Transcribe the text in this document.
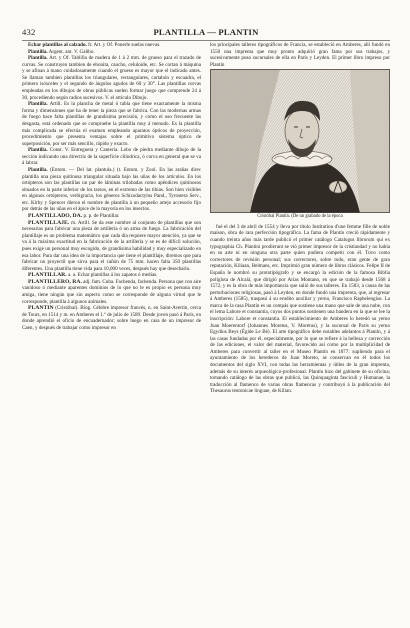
432	PLANTILLA — PLANTIN

Echar plantillas al calzado. fr. Art. y Of. Ponerle suelas nuevas.

Plantilla. Argent. ant. V. Galibo.

Plantilla. Art. y Of. Tablilla de madera de 1 á 2 mm. de grueso para el trazado de curvas. Se construyen tambien de ebonita, caucho, celuloide, etc. Se cortan á máquina y se afinan á mano cuidadosamente cuando el grueso es mayor que el indicado antes. Se llaman tambien plantillas los triangulares, rectangulares, cartabón y escuadra, el primero isósceles y el segundo de ángulos agudos de 60 y 30°. Las plantillas curvas empleadas en los dibujos de obras públicas suelen formar juego que comprende 24 á 30, procediendo según radios sucesivos. V. el artículo Dibujo.

Plantilla. Artill. Es la plancha de metal ó tabla que tiene exactamente la misma forma y dimensiones que ha de tener la pieza que se fabrica. Con las modernas armas de fuego hace falta plantillas de grandísima precisión, y como el uso frecuente las desgasta, está ordenado que se compruebe la plantilla muy á menudo. Es la plantilla más complicada se efectúa el examen empleando aparatos ópticos de proyección, procedimiento que presenta ventajas sobre el primitivo sistema óptico de superposición, por ser más sencillo, rápido y exacto.

Plantilla. Const. V. Entreguera y Cantería. Lobo de piedra mediante dibujo de la sección indicando una directriz de la superficie cilíndrica, ó curva en general que se va á labrar.

Plantilla. (Entom. — Del lat. plantula.) (t. Entom. y Zool. En las arañas direc plantilla una pieza quitinosa triangular situada bajo las uñas de los artículos. En los ortópteros son las plantillas un par de láminas trilobadas como apéndices quitinosos situados en la parte inferior de los tarsos, en el extremo de las tibias. Son bien visibles en algunos ortópteros, verbigracia, los géneros Schizodactylus Pand., Tyrostera Serv., etc. Kirby y Spencer dieron el nombre de plantilla á un pequeño artejo accesorio fijo por detrás de las uñas en el ápice de la mayoría en los insectos.

PLANTILLADO, DA. p. p. de Plantillar.

PLANTILLAJE. m. Artill. Se da este nombre al conjunto de plantillas que son necesarias para fabricar una pieza de artillería ó un arma de fuego. La fabricación del plantillaje es un problema matemático que cada día requiere mayor atención, ya que se va á la máxima exactitud en la fabricación de la artillería y se es de difícil solución, pues exige un personal muy escogido, de grandísima habilidad y muy especializado en esa labor. Para dar una idea de la importancia que tiene el plantillaje, diremos que para fabricar un proyectil que sirva para el cañón de 75 mm. hacen falta 350 plantillas diferentes. Una plantilla tiene vida para 10,000 veces, después hay que desecharla.

PLANTILLAR. a. a. Echar plantillas á los zapatos ó medias.

PLANTILLERO, RA. adj. fam. Cuba. Fachenda, fachenda. Persona que con aire vanidoso ó mediante aparentes dominios de lo que no le es propio es persona muy amiga, tiene ningún que sin aspecto como se corresponde de alguna virtud que le corresponde, plantilla á algunos animales.

PLANTIN (Cristóbal). Biog. Célebre impresor francés, n. en Saint-Avertin, cerca de Tours, en 1514 y m. en Amberes el 1.º de julio de 1589. Desde joven pasó á París, en donde aprendió el oficio de encuadernador; sobre luego en casa de un impresor de Caen, y después de trabajar como impresor en

los principales talleres tipográficos de Francia, se estableció en Amberes, allí fundó en 1550 una imprenta que muy pronto adquirió gran fama por sus trabajos, y sucesivamente puso sucursales de ella en París y Leyden. El primer libro impreso por Plantín

Cristóbal Plantín. (De un grabado de la época

fué el del 3 de abril de 1554 y lleva por título Institution d'une femme fille de noble maison, obra de rara perfección tipográfica. La fama de Plantín creció rápidamente y cuando treinta años más tarde publicó el primer catálogo Catalogus librorum qui ex typographia Ch. Plantini prodierunt se vió primer impresor de la cristiandad y no había en su arte ni en ninguna otra parte quien pudiera competir con él. Tuvo como correctores de revisión personal; sus correctores, sobre todo, eran gente de gran reputación, Kiliaan, Belmans, etc. Imprimió gran número de libros clásicos. Felipe II de España le nombró su prototipógrafo y se encargó la edición de la famosa Biblia políglota de Alcalá, que dirigió por Arias Montano, en que se trabajó desde 1568 á 1572, y es la obra de más importancia que salió de sus talleres. En 1583, á causa de las perturbaciones religiosas, pasó á Leyden, en donde fundó una imprenta, que, al regresar á Amberes (1585), traspasó á su erudito auxiliar y yerno, Francisco Raphelengius. La marca de la casa Plantín es un compás que sostiene una mano que sale de una nube, con el lema Labore et constantia, cuyos dos puntos sostienen una bandera en la que se lee la inscripción: Labore et constantia. El establecimiento de Amberes lo heredó su yerno Juan Moerentorf (Johannes Moretus, V. Moretus), y la sucursal de París su yerno Egydius Beys (Égide Le Bé). El arte tipográfico debe notables adelantos á Plantín, y á las casas fundadas por él, especialmente, por lo que se refiere á la belleza y corrección de las ediciones, el valor del material, favorecido así como por la multiplicidad de Amberes para convertir al taller en el Museo Plantín en 1877: supliendo para el ayuntamiento de los herederos de Juan Moreto, se conservan en él todos los documentos del siglo XVI, con todas las herramientas y útiles de la gran imprenta, además de su interés arqueológico-profesional. Plantín hizo del gabinete de su oficina; tomando catálogo de las obras que publicó, las Quinquaginta fasciculi y Humanae, la traducción al flamenco de varias obras flamencas y contribuyó á la publicación del Thesaurus teutonicae linguae, de Kilian.
